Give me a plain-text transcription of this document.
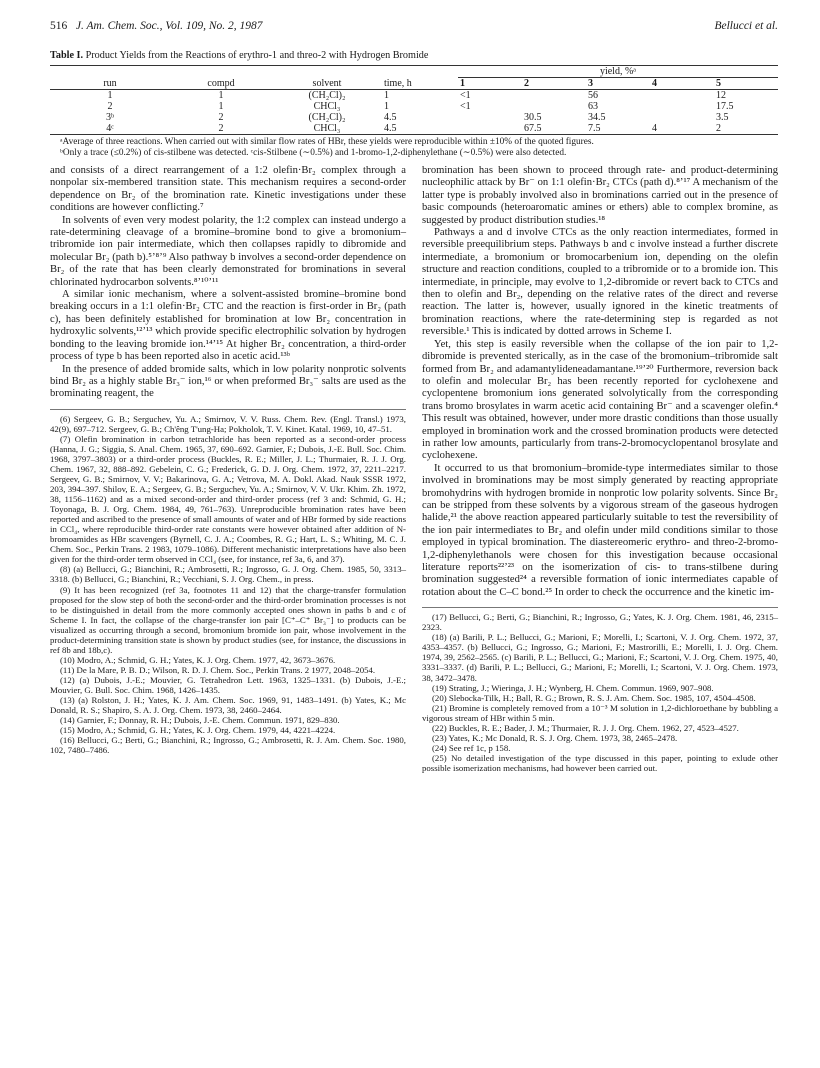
516 J. Am. Chem. Soc., Vol. 109, No. 2, 1987	Bellucci et al.
Table I. Product Yields from the Reactions of erythro-1 and threo-2 with Hydrogen Bromide
				yield, %ᵃ				
run	compd	solvent	time, h	1	2	3	4	5
1	1	(CH₂Cl)₂	1	<1		56		12
2	1	CHCl₃	1	<1		63		17.5
3ᵇ	2	(CH₂Cl)₂	4.5		30.5	34.5		3.5
4ᶜ	2	CHCl₃	4.5		67.5	7.5	4	2
ᵃAverage of three reactions. When carried out with similar flow rates of HBr, these yields were reproducible within ±10% of the quoted figures.
ᵇOnly a trace (≤0.2%) of cis-stilbene was detected. ᶜcis-Stilbene (∼0.5%) and 1-bromo-1,2-diphenylethane (∼0.5%) were also detected.

and consists of a direct rearrangement of a 1:2 olefin·Br₂ complex through a nonpolar six-membered transition state. This mechanism requires a second-order dependence on Br₂ of the bromination rate. Kinetic investigations under these conditions are however conflicting.⁷

In solvents of even very modest polarity, the 1:2 complex can instead undergo a rate-determining cleavage of a bromine–bromine bond to give a bromonium–tribromide ion pair intermediate, which then collapses rapidly to dibromide and molecular Br₂ (path b).⁵ʼ⁸ʼ⁹ Also pathway b involves a second-order dependence on Br₂ of the rate that has been clearly demonstrated for brominations in several chlorinated hydrocarbon solvents.⁸ʼ¹⁰ʼ¹¹

A similar ionic mechanism, where a solvent-assisted bromine–bromine bond breaking occurs in a 1:1 olefin·Br₂ CTC and the reaction is first-order in Br₂ (path c), has been definitely established for bromination at low Br₂ concentration in hydroxylic solvents,¹²ʼ¹³ which provide specific electrophilic solvation by hydrogen bonding to the leaving bromide ion.¹⁴ʼ¹⁵ At higher Br₂ concentration, a third-order process of type b has been reported also in acetic acid.¹³ᵇ

In the presence of added bromide salts, which in low polarity nonprotic solvents bind Br₂ as a highly stable Br₃⁻ ion,¹⁶ or when preformed Br₃⁻ salts are used as the brominating reagent, the

(6) Sergeev, G. B.; Serguchev, Yu. A.; Smirnov, V. V. Russ. Chem. Rev. (Engl. Transl.) 1973, 42(9), 697–712. Sergeev, G. B.; Ch'êng T'ung-Ha; Pokholok, T. V. Kinet. Katal. 1969, 10, 47–51.

(7) Olefin bromination in carbon tetrachloride has been reported as a second-order process (Hanna, J. G.; Siggia, S. Anal. Chem. 1965, 37, 690–692. Garnier, F.; Dubois, J.-E. Bull. Soc. Chim. 1968, 3797–3803) or a third-order process (Buckles, R. E.; Miller, J. L.; Thurmaier, R. J. J. Org. Chem. 1967, 32, 888–892. Gebelein, C. G.; Frederick, G. D. J. Org. Chem. 1972, 37, 2211–2217. Sergeev, G. B.; Smirnov, V. V.; Bakarinova, G. A.; Vetrova, M. A. Dokl. Akad. Nauk SSSR 1972, 203, 394–397. Shilov, E. A.; Sergeev, G. B.; Serguchev, Yu. A.; Smirnov, V. V. Ukr. Khim. Zh. 1972, 38, 1156–1162) and as a mixed second-order and third-order process (ref 3 and: Schmid, G. H.; Toyonaga, B. J. Org. Chem. 1984, 49, 761–763). Unreproducible bromination rates have been reported and ascribed to the presence of small amounts of water and of HBr formed by side reactions in CCl₄, where reproducible third-order rate constants were however obtained after addition of N-bromoamides as HBr scavengers (Byrnell, C. J. A.; Coombes, R. G.; Hart, L. S.; Whiting, M. C. J. Chem. Soc., Perkin Trans. 2 1983, 1079–1086). Different mechanistic interpretations have also been given for the third-order term observed in CCl₄ (see, for instance, ref 3a, 6, and 37).

(8) (a) Bellucci, G.; Bianchini, R.; Ambrosetti, R.; Ingrosso, G. J. Org. Chem. 1985, 50, 3313–3318. (b) Bellucci, G.; Bianchini, R.; Vecchiani, S. J. Org. Chem., in press.

(9) It has been recognized (ref 3a, footnotes 11 and 12) that the charge-transfer formulation proposed for the slow step of both the second-order and the third-order bromination processes is not to be distinguished in detail from the more commonly accepted ones shown in paths b and c of Scheme I. In fact, the collapse of the charge-transfer ion pair [C⁺–C⁺ Br₃⁻] to products can be visualized as occurring through a second, bromonium bromide ion pair, whose involvement in the product-determining transition state is shown by product studies (see, for instance, the discussions in ref 8b and 18b,c).

(10) Modro, A.; Schmid, G. H.; Yates, K. J. Org. Chem. 1977, 42, 3673–3676.

(11) De la Mare, P. B. D.; Wilson, R. D. J. Chem. Soc., Perkin Trans. 2 1977, 2048–2054.

(12) (a) Dubois, J.-E.; Mouvier, G. Tetrahedron Lett. 1963, 1325–1331. (b) Dubois, J.-E.; Mouvier, G. Bull. Soc. Chim. 1968, 1426–1435.

(13) (a) Rolston, J. H.; Yates, K. J. Am. Chem. Soc. 1969, 91, 1483–1491. (b) Yates, K.; Mc Donald, R. S.; Shapiro, S. A. J. Org. Chem. 1973, 38, 2460–2464.

(14) Garnier, F.; Donnay, R. H.; Dubois, J.-E. Chem. Commun. 1971, 829–830.

(15) Modro, A.; Schmid, G. H.; Yates, K. J. Org. Chem. 1979, 44, 4221–4224.

(16) Bellucci, G.; Berti, G.; Bianchini, R.; Ingrosso, G.; Ambrosetti, R. J. Am. Chem. Soc. 1980, 102, 7480–7486.

bromination has been shown to proceed through rate- and product-determining nucleophilic attack by Br⁻ on 1:1 olefin·Br₂ CTCs (path d).⁸ʼ¹⁷ A mechanism of the latter type is probably involved also in brominations carried out in the presence of basic compounds (heteroaromatic amines or ethers) able to complex bromine, as suggested by product distribution studies.¹⁸

Pathways a and d involve CTCs as the only reaction intermediates, formed in reversible preequilibrium steps. Pathways b and c involve instead a further discrete intermediate, a bromonium or bromocarbenium ion, depending on the olefin structure and reaction conditions, coupled to a tribromide or to a bromide ion. This intermediate, in principle, may evolve to 1,2-dibromide or revert back to CTCs and then to olefin and Br₂, depending on the relative rates of the direct and reverse reaction. The latter is, however, usually ignored in the kinetic treatments of bromination reactions, where the rate-determining step is regarded as not reversible.¹ This is indicated by dotted arrows in Scheme I.

Yet, this step is easily reversible when the collapse of the ion pair to 1,2-dibromide is prevented sterically, as in the case of the bromonium–tribromide salt formed from Br₂ and adamantylideneadamantane.¹⁹ʼ²⁰ Furthermore, reversion back to olefin and molecular Br₂ has been recently reported for cyclohexene and cyclopentene bromonium ions generated solvolytically from the corresponding trans bromo brosylates in warm acetic acid containing Br⁻ and a scavenger olefin.⁴ This result was obtained, however, under more drastic conditions than those usually employed in bromination work and the crossed bromination products were detected in rather low amounts, particularly from trans-2-bromocyclopentanol brosylate and cyclohexene.

It occurred to us that bromonium–bromide-type intermediates similar to those involved in brominations may be most simply generated by reacting appropriate bromohydrins with hydrogen bromide in nonprotic low polarity solvents. Since Br₂ can be stripped from these solvents by a vigorous stream of the gaseous hydrogen halide,²¹ the above reaction appeared particularly suitable to test the reversibility of the ion pair intermediates to Br₂ and olefin under mild conditions similar to those employed in typical bromination. The diastereomeric erythro- and threo-2-bromo-1,2-diphenylethanols were chosen for this investigation because occasional literature reports²²ʼ²³ on the isomerization of cis- to trans-stilbene during bromination suggested²⁴ a reversible formation of ionic intermediates capable of rotation about the C–C bond.²⁵ In order to check the occurrence and the kinetic im-

(17) Bellucci, G.; Berti, G.; Bianchini, R.; Ingrosso, G.; Yates, K. J. Org. Chem. 1981, 46, 2315–2323.

(18) (a) Barili, P. L.; Bellucci, G.; Marioni, F.; Morelli, I.; Scartoni, V. J. Org. Chem. 1972, 37, 4353–4357. (b) Bellucci, G.; Ingrosso, G.; Marioni, F.; Mastrorilli, E.; Morelli, I. J. Org. Chem. 1974, 39, 2562–2565. (c) Barili, P. L.; Bellucci, G.; Marioni, F.; Scartoni, V. J. Org. Chem. 1975, 40, 3331–3337. (d) Barili, P. L.; Bellucci, G.; Marioni, F.; Morelli, I.; Scartoni, V. J. Org. Chem. 1973, 38, 3472–3478.

(19) Strating, J.; Wieringa, J. H.; Wynberg, H. Chem. Commun. 1969, 907–908.

(20) Slebocka-Tilk, H.; Ball, R. G.; Brown, R. S. J. Am. Chem. Soc. 1985, 107, 4504–4508.

(21) Bromine is completely removed from a 10⁻³ M solution in 1,2-dichloroethane by bubbling a vigorous stream of HBr within 5 min.

(22) Buckles, R. E.; Bader, J. M.; Thurmaier, R. J. J. Org. Chem. 1962, 27, 4523–4527.

(23) Yates, K.; Mc Donald, R. S. J. Org. Chem. 1973, 38, 2465–2478.

(24) See ref 1c, p 158.

(25) No detailed investigation of the type discussed in this paper, pointing to exlude other possible isomerization mechanisms, had however been carried out.
